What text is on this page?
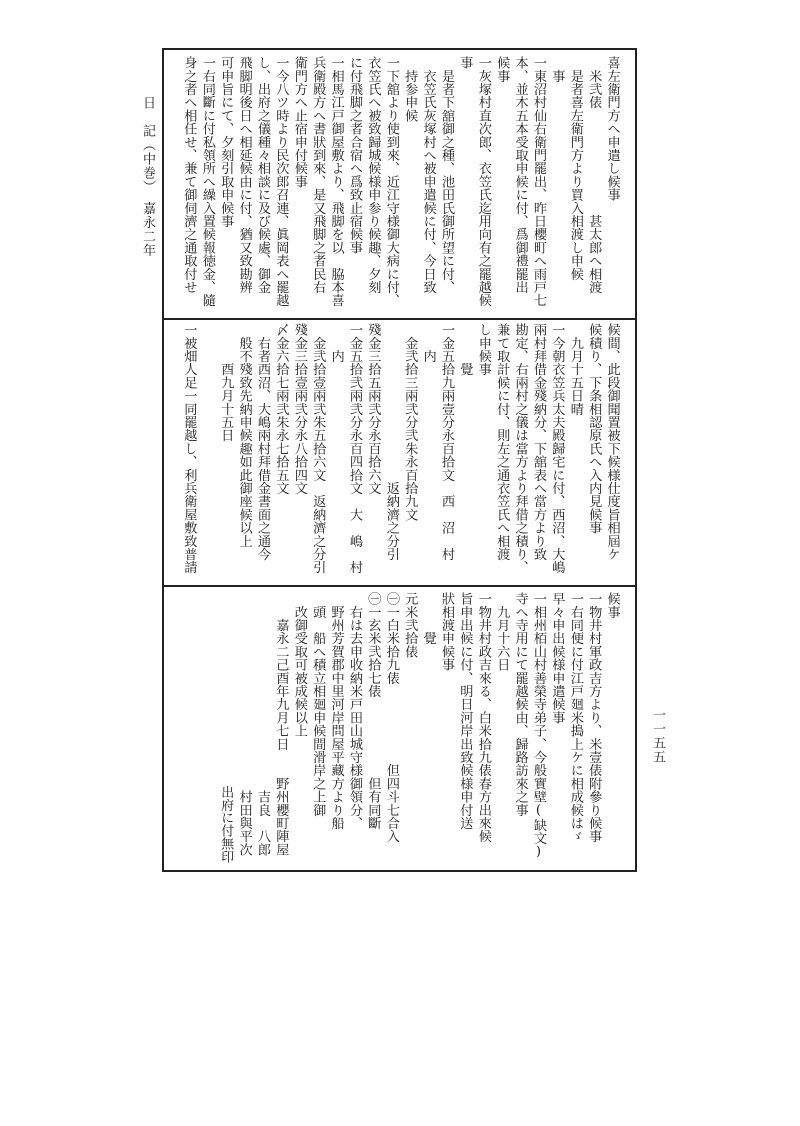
日　記（中巻）　嘉永二年
一一五五
喜左衛門方へ申遣し候事
　米弐俵　　　　　　　　甚太郎へ相渡
　是者喜左衛門方より買入相渡し申候
　事
一東沼村仙右衛門罷出、昨日櫻町へ雨戸七
本、並木五本受取申候に付、爲御禮罷出
候事
一灰塚村直次郎、衣笠氏迄用向有之罷越候
事
　是者下舘御之種、池田氏御所望に付、
　衣笠氏灰塚村へ被申遣候に付、今日致
　持参申候
一下舘より使到來、近江守様御大病に付、
衣笠氏へ被致歸城候様申参り候趣、夕刻
に付飛脚之者合宿へ爲致止宿候事
一相馬江戸御屋敷より、飛脚を以　脇本喜
兵衛殿方へ書狀到來、是又飛脚之者民右
衛門方へ止宿申付候事
一今八ツ時より民次郎召連、眞岡表へ罷越
し、出府之儀種々相談に及び候處、御金
飛脚明後日へ相延候由に付、猶又致勘辨
可申旨にて、夕刻引取申候事
一右同斷に付私領所へ繰入置候報徳金、隨
身之者へ相任せ、兼て御伺濟之通取付せ
候間、此段御聞置被下候様仕度旨相屆ケ
候積り、下条相認原氏へ入内見候事
　九月十五日晴
一今朝衣笠兵太夫殿歸宅に付、西沼、大嶋
兩村拜借金殘納分、下舘表へ當方より致
勘定、右兩村之儀は當方より拜借之積り、
兼て取計候に付、則左之通衣笠氏へ相渡
し申候事
　　　覺
一金五拾九兩壹分永百拾文　西　沼　村
　　内
　金弐拾三兩弐分弐朱永百拾九文
　　　　　　　　　　　　返納濟之分引
殘金三拾五兩弐分永百拾六文
一金五拾弐兩弐分永百四拾文　大　嶋　村
　　内
　金弐拾壹兩弐朱五拾六文　返納濟之分引
殘金三拾壹兩弐分永八拾四文
〆金六拾七兩弐朱永七拾五文
　右者西沼、大嶋兩村拜借金書面之通今
　般不殘致先納申候趣如此御座候以上
　　　酉九月十五日
一被畑人足一同罷越し、利兵衛屋敷致普請
候事
一物井村軍政吉方より、米壹俵附參り候事
一右同便に付江戸廻米搗上ケに相成候はゞ
早々申出候様申遣候事
一相州栢山村善榮寺弟子、今般實壁(缺文)
寺へ寺用にて罷越候由、歸路訪來之事
　九月十六日
一物井村政吉來る、白米拾九俵春方出來候
旨申出候に付、明日河岸出致候様申付送
狀相渡申候事
　　　覺
元米弐拾俵
㊀一白米拾九俵　　　　　　但四斗七合入
㊀一玄米弐拾七俵　　　　　　但有同斷
　右は去申收納米戸田山城守様御領分、
　野州芳賀郡中里河岸問屋平藏方より船
　頭　船へ積立相廻申候間滑岸之上御
　改御受取可被成候以上
　　嘉永二己酉年九月七日　　野州櫻町陣屋
　　　　　　　　　　　　　　　吉良　八郎
　　　　　　　　　　　　　　　村田與平次
　　　　　　　　　　　　　　　出府に付無印
